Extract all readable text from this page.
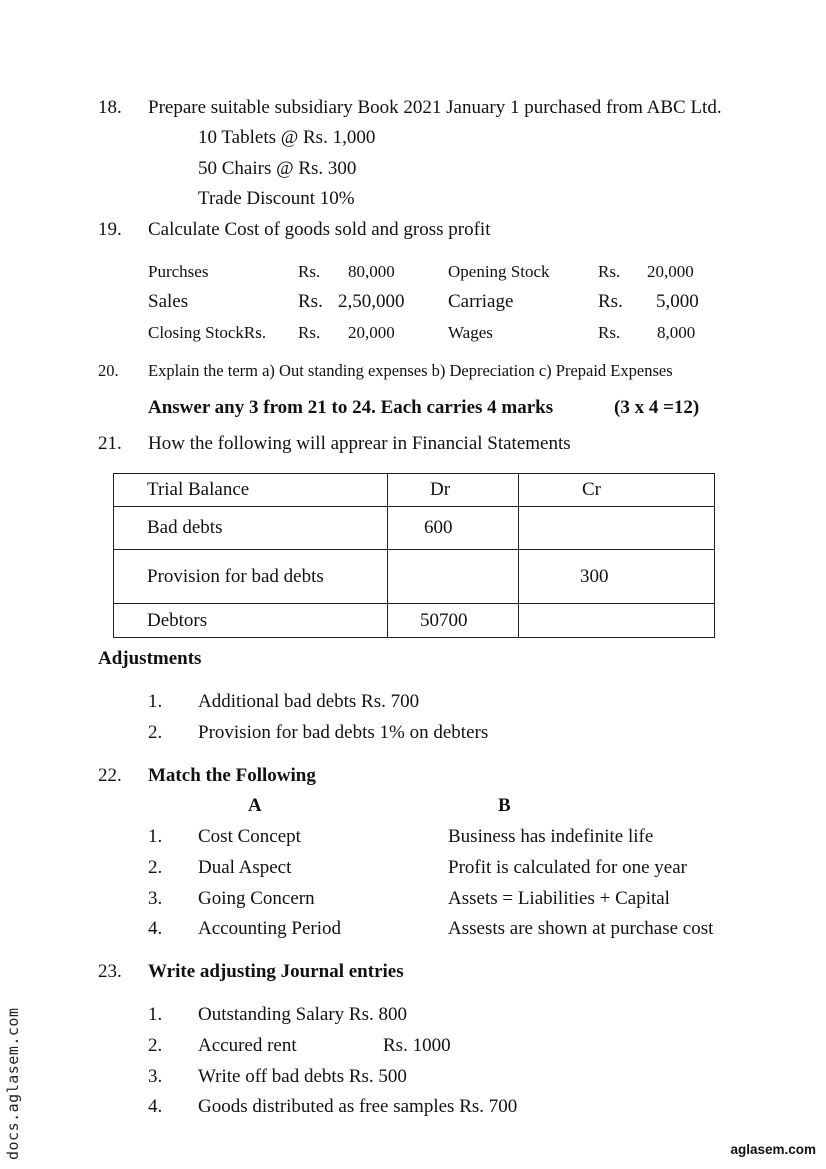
18. Prepare suitable subsidiary Book 2021 January 1 purchased from ABC Ltd.
10 Tablets @ Rs. 1,000
50 Chairs @ Rs. 300
Trade Discount 10%
19. Calculate Cost of goods sold and gross profit
Purchses	Rs. 80,000	Opening Stock	Rs. 20,000
Sales	Rs. 2,50,000 Carriage	Rs. 5,000
Closing StockRs. Rs. 20,000	Wages	Rs. 8,000
20. Explain the term a) Out standing expenses b) Depreciation c) Prepaid Expenses
Answer any 3 from 21 to 24. Each carries 4 marks	(3 x 4 =12)
21. How the following will apprear in Financial Statements
Trial Balance	Dr	Cr
Bad debts	600	
Provision for bad debts		300
Debtors	50700	
Adjustments
1. Additional bad debts Rs. 700
2. Provision for bad debts 1% on debters
22. Match the Following
A	B
1. Cost Concept	Business has indefinite life
2. Dual Aspect	Profit is calculated for one year
3. Going Concern	Assets = Liabilities + Capital
4. Accounting Period	Assests are shown at purchase cost
23. Write adjusting Journal entries
1. Outstanding Salary Rs. 800
2. Accured rent	Rs. 1000
3. Write off bad debts Rs. 500
4. Goods distributed as free samples Rs. 700
docs.aglasem.com	aglasem.com
